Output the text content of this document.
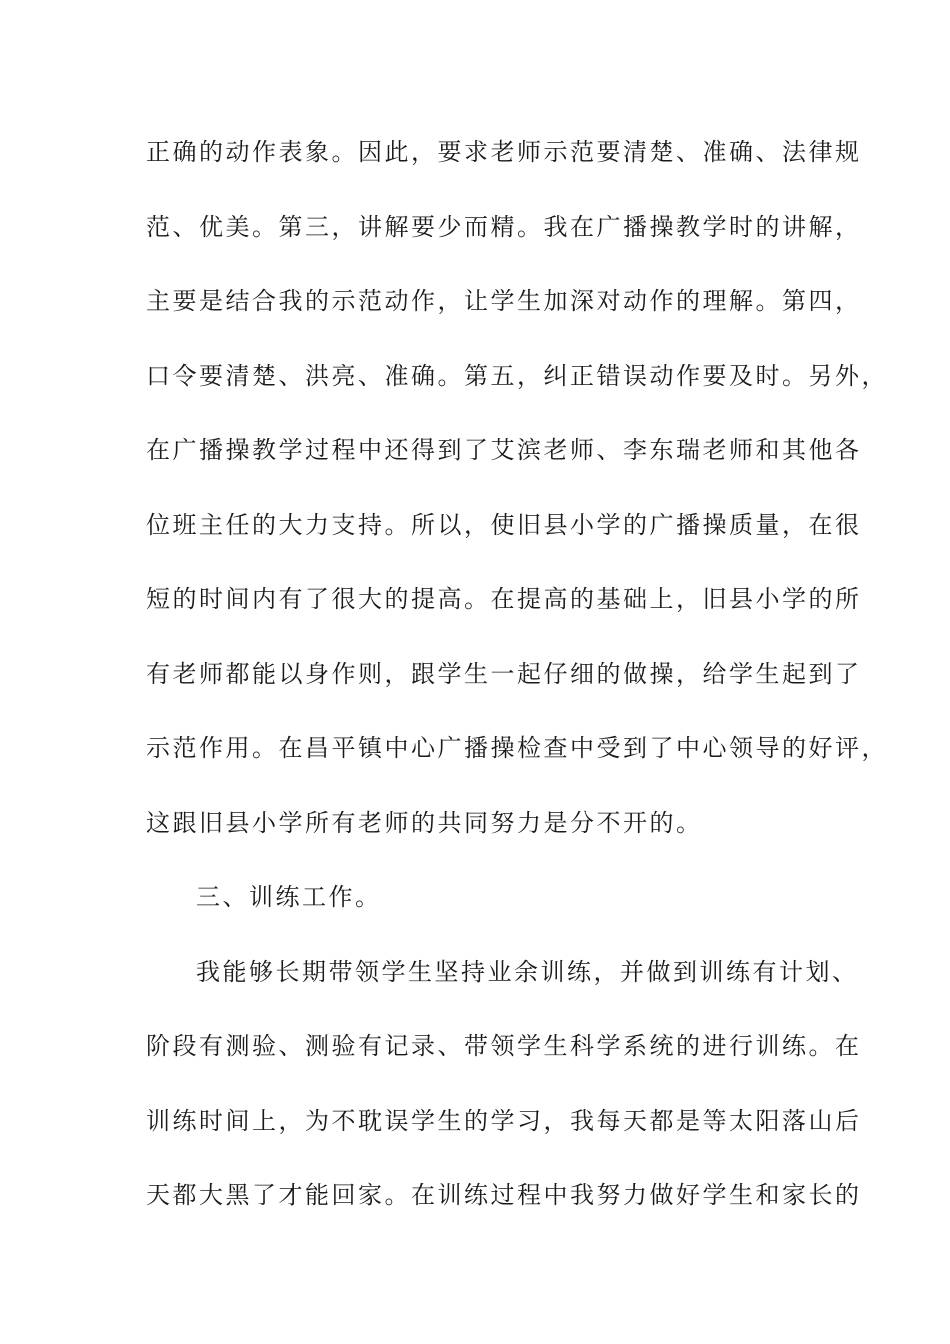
正确的动作表象。因此，要求老师示范要清楚、准确、法律规
范、优美。第三，讲解要少而精。我在广播操教学时的讲解，
主要是结合我的示范动作，让学生加深对动作的理解。第四，
口令要清楚、洪亮、准确。第五，纠正错误动作要及时。另外，
在广播操教学过程中还得到了艾滨老师、李东瑞老师和其他各
位班主任的大力支持。所以，使旧县小学的广播操质量，在很
短的时间内有了很大的提高。在提高的基础上，旧县小学的所
有老师都能以身作则，跟学生一起仔细的做操，给学生起到了
示范作用。在昌平镇中心广播操检查中受到了中心领导的好评，
这跟旧县小学所有老师的共同努力是分不开的。
三、训练工作。
我能够长期带领学生坚持业余训练，并做到训练有计划、
阶段有测验、测验有记录、带领学生科学系统的进行训练。在
训练时间上，为不耽误学生的学习，我每天都是等太阳落山后
天都大黑了才能回家。在训练过程中我努力做好学生和家长的
